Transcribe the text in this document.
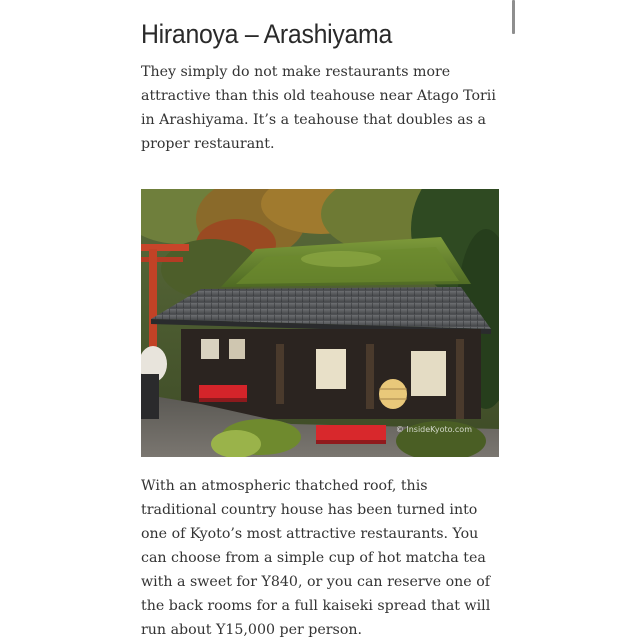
Hiranoya – Arashiyama

They simply do not make restaurants more attractive than this old teahouse near Atago Torii in Arashiyama. It’s a teahouse that doubles as a proper restaurant.

© InsideKyoto.com

With an atmospheric thatched roof, this traditional country house has been turned into one of Kyoto’s most attractive restaurants. You can choose from a simple cup of hot matcha tea with a sweet for Y840, or you can reserve one of the back rooms for a full kaiseki spread that will run about Y15,000 per person.
